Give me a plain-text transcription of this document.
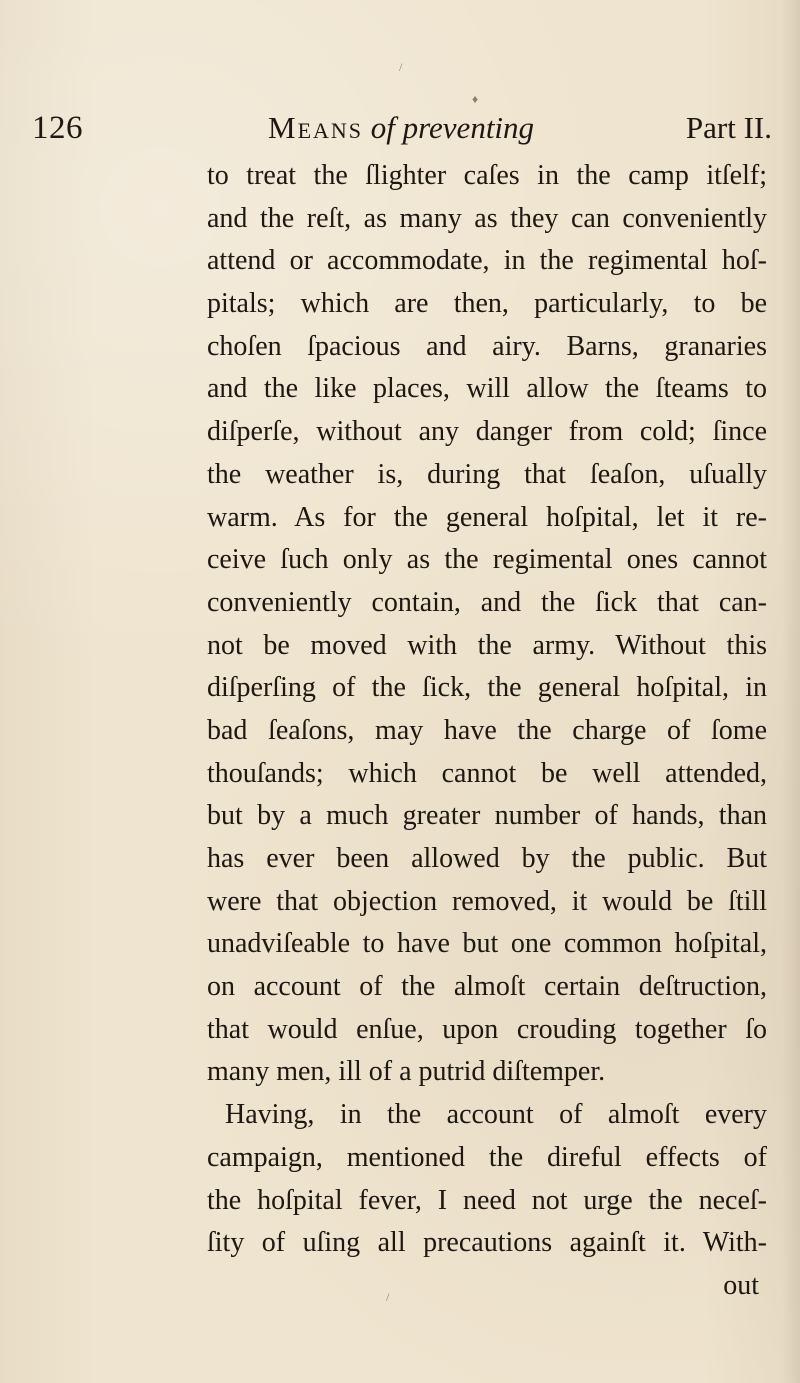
/
♦
126	Means of preventing	Part II.
to treat the ſlighter caſes in the camp itſelf;
and the reſt, as many as they can conveniently
attend or accommodate, in the regimental hoſ-
pitals; which are then, particularly, to be
choſen ſpacious and airy. Barns, granaries
and the like places, will allow the ſteams to
diſperſe, without any danger from cold; ſince
the weather is, during that ſeaſon, uſually
warm. As for the general hoſpital, let it re-
ceive ſuch only as the regimental ones cannot
conveniently contain, and the ſick that can-
not be moved with the army. Without this
diſperſing of the ſick, the general hoſpital, in
bad ſeaſons, may have the charge of ſome
thouſands; which cannot be well attended,
but by a much greater number of hands, than
has ever been allowed by the public. But
were that objection removed, it would be ſtill
unadviſeable to have but one common hoſpital,
on account of the almoſt certain deſtruction,
that would enſue, upon crouding together ſo
many men, ill of a putrid diſtemper.
Having, in the account of almoſt every
campaign, mentioned the direful effects of
the hoſpital fever, I need not urge the neceſ-
ſity of uſing all precautions againſt it. With-
out
/
